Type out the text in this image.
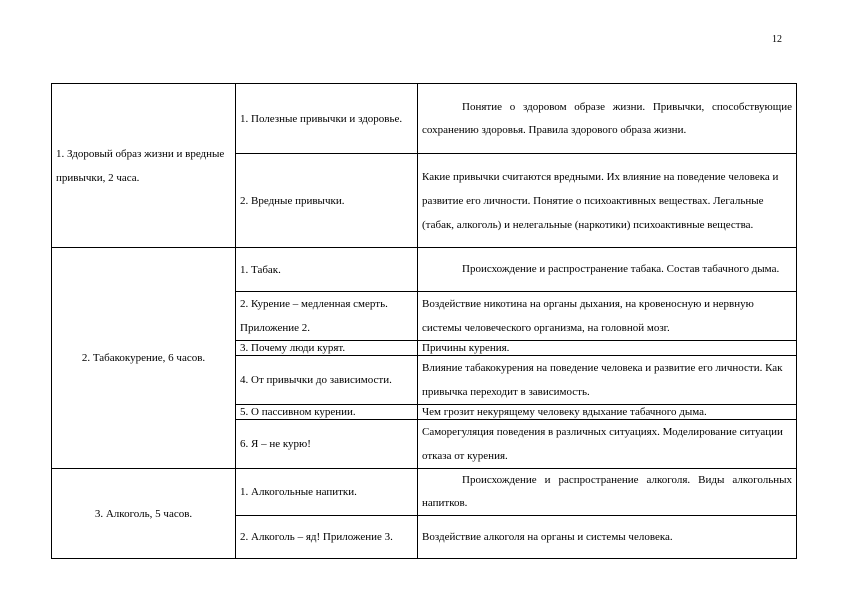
12
1. Здоровый образ жизни и вредные привычки, 2 часа.	1. Полезные привычки и здоровье.	Понятие о здоровом образе жизни. Привычки, способствующие сохранению здоровья. Правила здорового образа жизни.

	2. Вредные привычки.	Какие привычки считаются вредными. Их влияние на поведение человека и развитие его личности. Понятие о психоактивных веществах. Легальные (табак, алкоголь) и нелегальные (наркотики) психоактивные вещества.
2. Табакокурение, 6 часов.	1. Табак.	Происхождение и распространение табака. Состав табачного дыма.

	2. Курение – медленная смерть. Приложение 2.	Воздействие никотина на органы дыхания, на кровеносную и нервную системы человеческого организма, на головной мозг.
	3. Почему люди курят.	Причины курения.
	4. От привычки до зависимости.	Влияние табакокурения на поведение человека и развитие его личности. Как привычка переходит в зависимость.
	5. О пассивном курении.	Чем грозит некурящему человеку вдыхание табачного дыма.
	6. Я – не курю!	Саморегуляция поведения в различных ситуациях. Моделирование ситуации отказа от курения.
3. Алкоголь, 5 часов.	1. Алкогольные напитки.	Происхождение и распространение алкоголя. Виды алкогольных напитков.

	2. Алкоголь – яд! Приложение 3.	Воздействие алкоголя на органы и системы человека.
